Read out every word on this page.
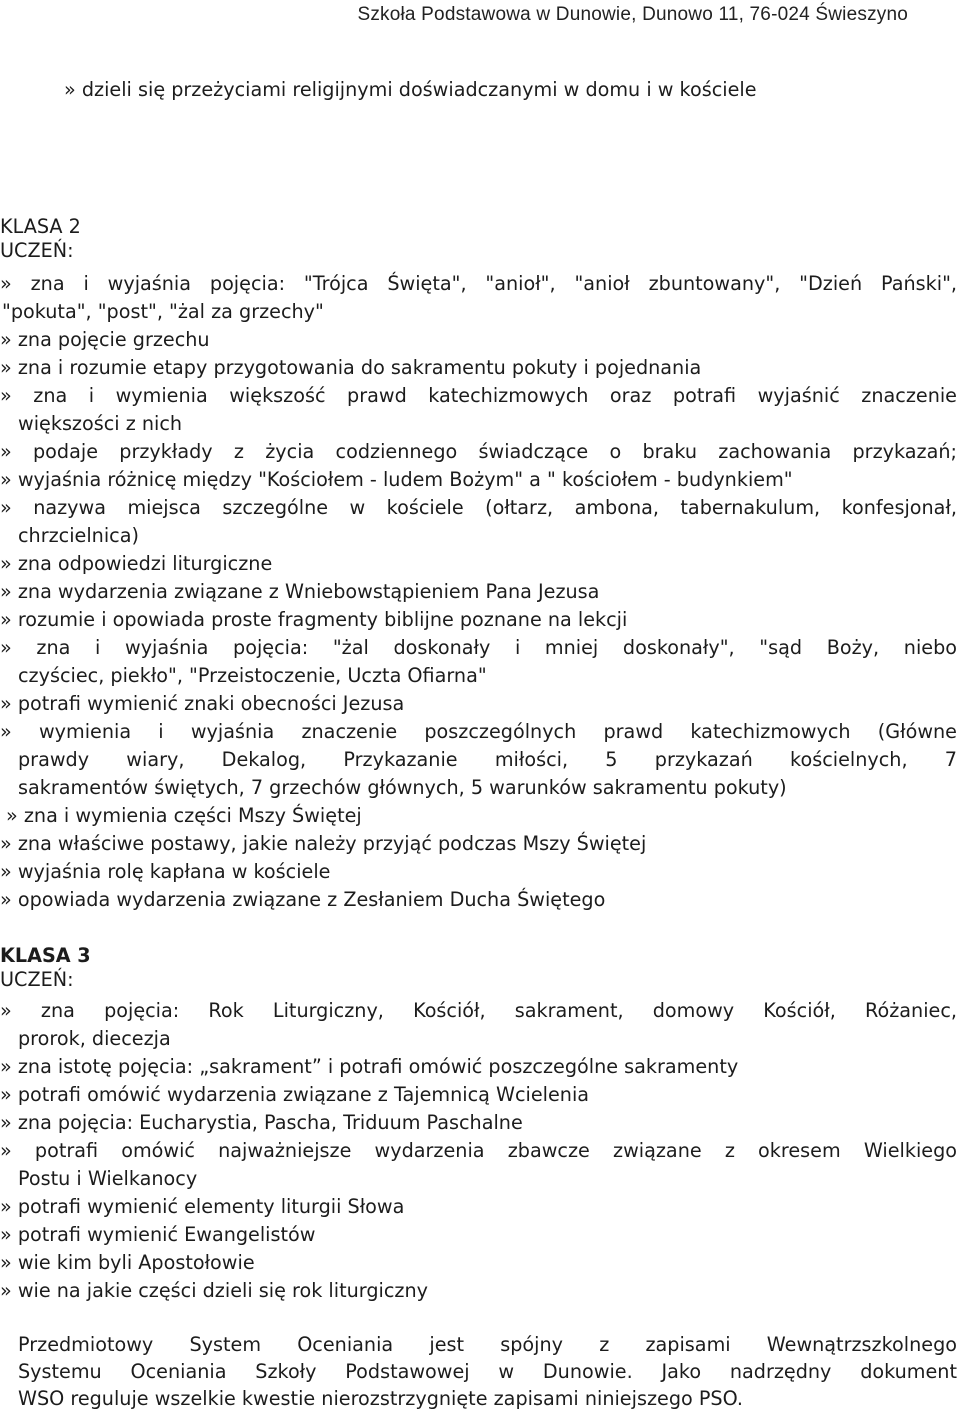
Szkoła Podstawowa w Dunowie, Dunowo 11, 76-024 Świeszyno
» dzieli się przeżyciami religijnymi doświadczanymi w domu i w kościele
KLASA 2
UCZEŃ:
» zna i wyjaśnia pojęcia: "Trójca Święta", "anioł", "anioł zbuntowany", "Dzień Pański",
"pokuta", "post", "żal za grzechy"
» zna pojęcie grzechu
» zna i rozumie etapy przygotowania do sakramentu pokuty i pojednania
» zna i wymienia większość prawd katechizmowych oraz potrafi wyjaśnić znaczenie
większości z nich
» podaje przykłady z życia codziennego świadczące o braku zachowania przykazań;
» wyjaśnia różnicę między "Kościołem - ludem Bożym" a " kościołem - budynkiem"
» nazywa miejsca szczególne w kościele (ołtarz, ambona, tabernakulum, konfesjonał,
chrzcielnica)
» zna odpowiedzi liturgiczne
» zna wydarzenia związane z Wniebowstąpieniem Pana Jezusa
» rozumie i opowiada proste fragmenty biblijne poznane na lekcji
» zna i wyjaśnia pojęcia: "żal doskonały i mniej doskonały", "sąd Boży, niebo
czyściec, piekło", "Przeistoczenie, Uczta Ofiarna"
» potrafi wymienić znaki obecności Jezusa
» wymienia i wyjaśnia znaczenie poszczególnych prawd katechizmowych (Główne
prawdy wiary, Dekalog, Przykazanie miłości, 5 przykazań kościelnych, 7
sakramentów świętych, 7 grzechów głównych, 5 warunków sakramentu pokuty)
» zna i wymienia części Mszy Świętej
» zna właściwe postawy, jakie należy przyjąć podczas Mszy Świętej
» wyjaśnia rolę kapłana w kościele
» opowiada wydarzenia związane z Zesłaniem Ducha Świętego
KLASA 3
UCZEŃ:
» zna pojęcia: Rok Liturgiczny, Kościół, sakrament, domowy Kościół, Różaniec,
prorok, diecezja
» zna istotę pojęcia: „sakrament” i potrafi omówić poszczególne sakramenty
» potrafi omówić wydarzenia związane z Tajemnicą Wcielenia
» zna pojęcia: Eucharystia, Pascha, Triduum Paschalne
» potrafi omówić najważniejsze wydarzenia zbawcze związane z okresem Wielkiego
Postu i Wielkanocy
» potrafi wymienić elementy liturgii Słowa
» potrafi wymienić Ewangelistów
» wie kim byli Apostołowie
» wie na jakie części dzieli się rok liturgiczny
Przedmiotowy System Oceniania jest spójny z zapisami Wewnątrzszkolnego
Systemu Oceniania Szkoły Podstawowej w Dunowie. Jako nadrzędny dokument
WSO reguluje wszelkie kwestie nierozstrzygnięte zapisami niniejszego PSO.
